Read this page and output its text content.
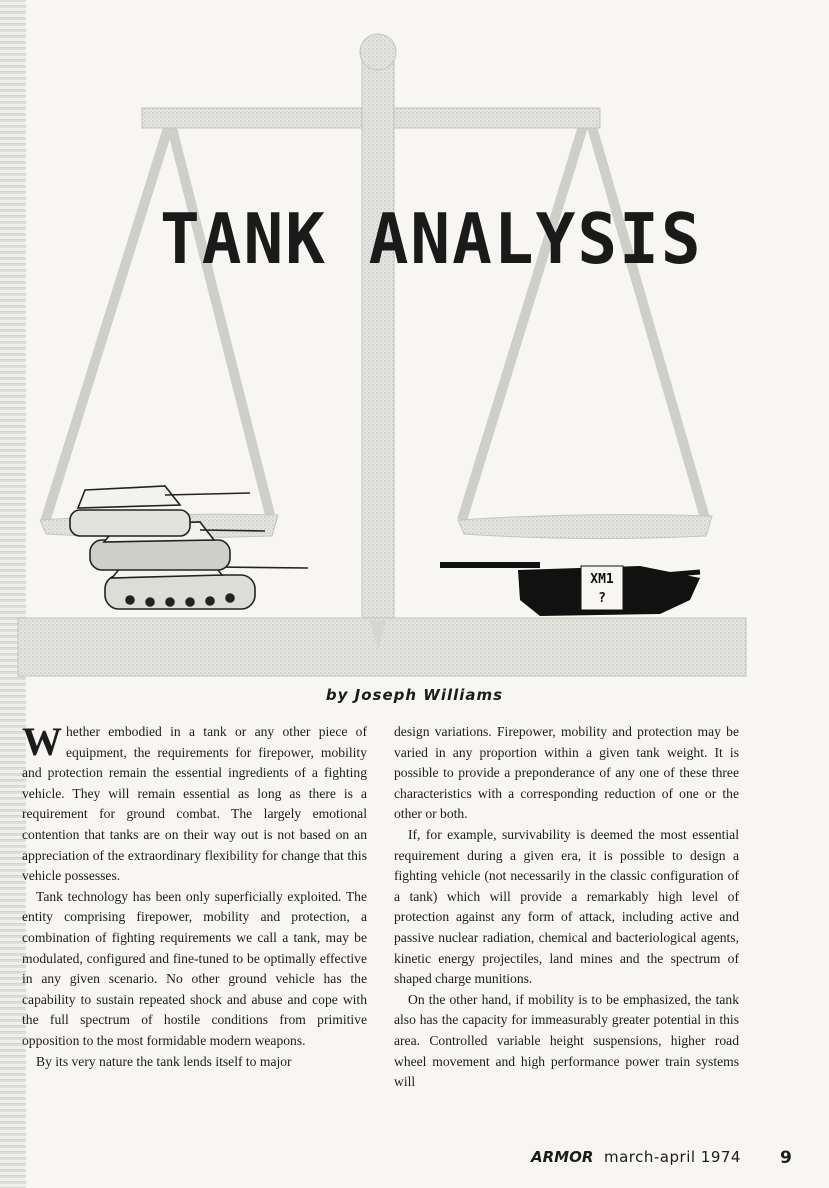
XM1
?
TANK ANALYSIS
by Joseph Williams

Whether embodied in a tank or any other piece of equipment, the requirements for firepower, mobility and protection remain the essential ingredients of a fighting vehicle. They will remain essential as long as there is a requirement for ground combat. The largely emotional contention that tanks are on their way out is not based on an appreciation of the extraordinary flexibility for change that this vehicle possesses.

Tank technology has been only superficially exploited. The entity comprising firepower, mobility and protection, a combination of fighting requirements we call a tank, may be modulated, configured and fine-tuned to be optimally effective in any given scenario. No other ground vehicle has the capability to sustain repeated shock and abuse and cope with the full spectrum of hostile conditions from primitive opposition to the most formidable modern weapons.

By its very nature the tank lends itself to major

design variations. Firepower, mobility and protection may be varied in any proportion within a given tank weight. It is possible to provide a preponderance of any one of these three characteristics with a corresponding reduction of one or the other or both.

If, for example, survivability is deemed the most essential requirement during a given era, it is possible to design a fighting vehicle (not necessarily in the classic configuration of a tank) which will provide a remarkably high level of protection against any form of attack, including active and passive nuclear radiation, chemical and bacteriological agents, kinetic energy projectiles, land mines and the spectrum of shaped charge munitions.

On the other hand, if mobility is to be emphasized, the tank also has the capacity for immeasurably greater potential in this area. Controlled variable height suspensions, higher road wheel movement and high performance power train systems will

ARMOR march-april 1974 9
